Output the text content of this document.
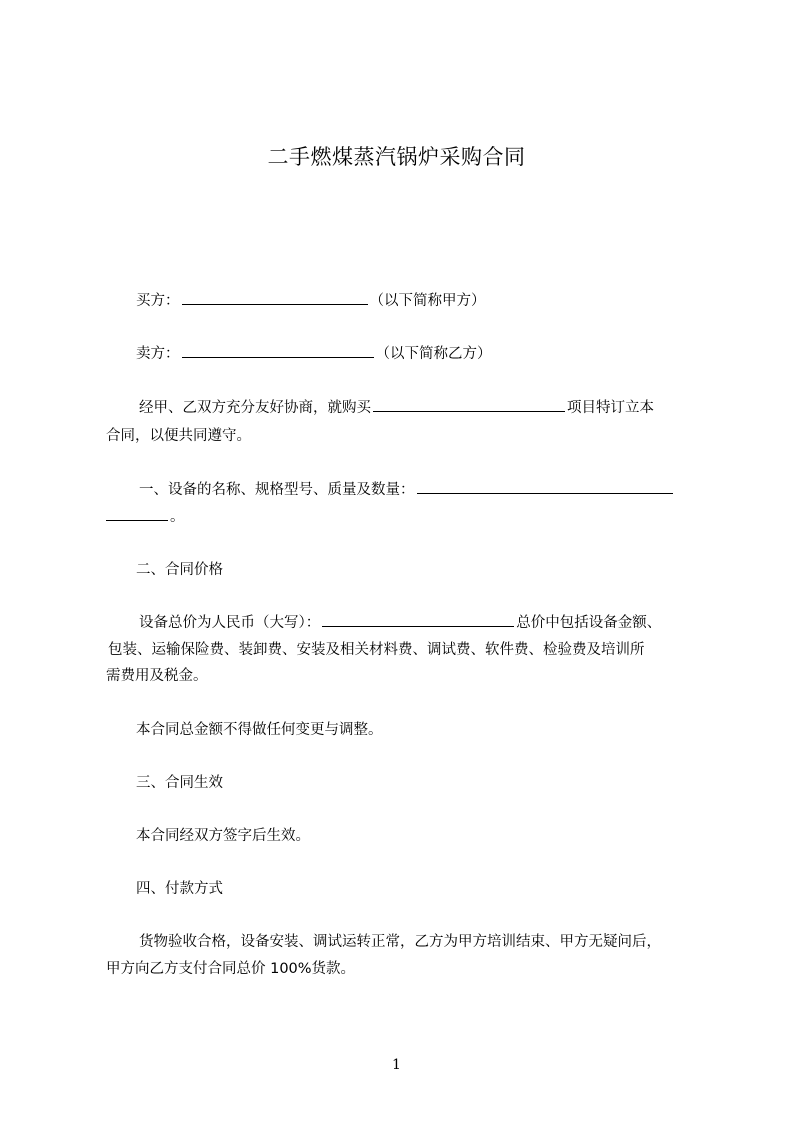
二手燃煤蒸汽锅炉采购合同
买方：	（以下简称甲方）
卖方：	（以下简称乙方）
经甲、乙双方充分友好协商，就购买	项目特订立本
合同，以便共同遵守。
一、设备的名称、规格型号、质量及数量：
。
二、合同价格
设备总价为人民币（大写）：	总价中包括设备金额、
包装、运输保险费、装卸费、安装及相关材料费、调试费、软件费、检验费及培训所
需费用及税金。
本合同总金额不得做任何变更与调整。
三、合同生效
本合同经双方签字后生效。
四、付款方式
货物验收合格，设备安装、调试运转正常，乙方为甲方培训结束、甲方无疑问后，
甲方向乙方支付合同总价 100%货款。
1
